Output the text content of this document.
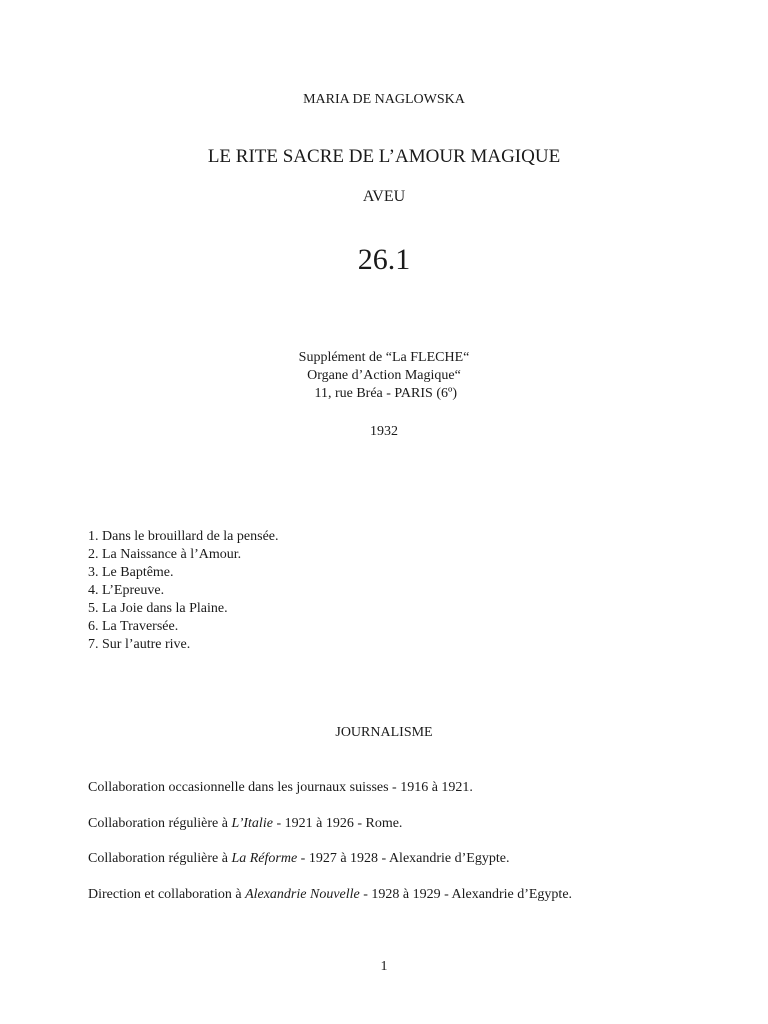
MARIA DE NAGLOWSKA
LE RITE SACRE DE L’AMOUR MAGIQUE
AVEU
26.1
Supplément de “La FLECHE“
Organe d’Action Magique“
11, rue Bréa - PARIS (6º)
1932
1. Dans le brouillard de la pensée.
2. La Naissance à l’Amour.
3. Le Baptême.
4. L’Epreuve.
5. La Joie dans la Plaine.
6. La Traversée.
7. Sur l’autre rive.
JOURNALISME
Collaboration occasionnelle dans les journaux suisses - 1916 à 1921.
Collaboration régulière à L’Italie - 1921 à 1926 - Rome.
Collaboration régulière à La Réforme - 1927 à 1928 - Alexandrie d’Egypte.
Direction et collaboration à Alexandrie Nouvelle - 1928 à 1929 - Alexandrie d’Egypte.
1
